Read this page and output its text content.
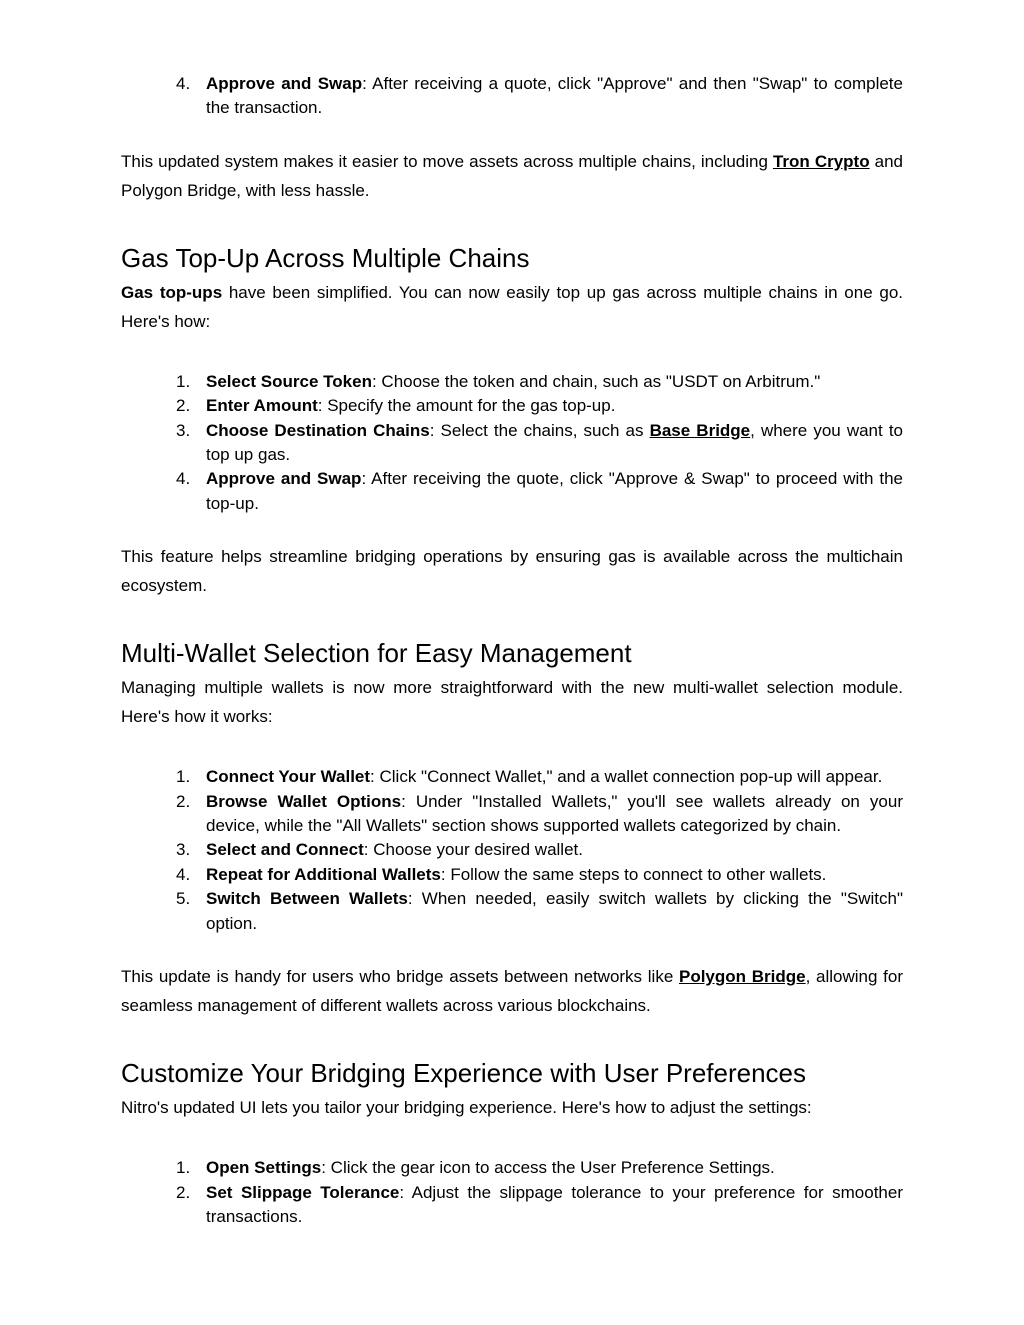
4. Approve and Swap: After receiving a quote, click "Approve" and then "Swap" to complete the transaction.

This updated system makes it easier to move assets across multiple chains, including Tron Crypto and Polygon Bridge, with less hassle.

Gas Top-Up Across Multiple Chains

Gas top-ups have been simplified. You can now easily top up gas across multiple chains in one go. Here's how:

1. Select Source Token: Choose the token and chain, such as "USDT on Arbitrum."
2. Enter Amount: Specify the amount for the gas top-up.
3. Choose Destination Chains: Select the chains, such as Base Bridge, where you want to top up gas.
4. Approve and Swap: After receiving the quote, click "Approve & Swap" to proceed with the top-up.

This feature helps streamline bridging operations by ensuring gas is available across the multichain ecosystem.

Multi-Wallet Selection for Easy Management

Managing multiple wallets is now more straightforward with the new multi-wallet selection module. Here's how it works:

1. Connect Your Wallet: Click "Connect Wallet," and a wallet connection pop-up will appear.
2. Browse Wallet Options: Under "Installed Wallets," you'll see wallets already on your device, while the "All Wallets" section shows supported wallets categorized by chain.
3. Select and Connect: Choose your desired wallet.
4. Repeat for Additional Wallets: Follow the same steps to connect to other wallets.
5. Switch Between Wallets: When needed, easily switch wallets by clicking the "Switch" option.

This update is handy for users who bridge assets between networks like Polygon Bridge, allowing for seamless management of different wallets across various blockchains.

Customize Your Bridging Experience with User Preferences

Nitro's updated UI lets you tailor your bridging experience. Here's how to adjust the settings:

1. Open Settings: Click the gear icon to access the User Preference Settings.
2. Set Slippage Tolerance: Adjust the slippage tolerance to your preference for smoother transactions.
